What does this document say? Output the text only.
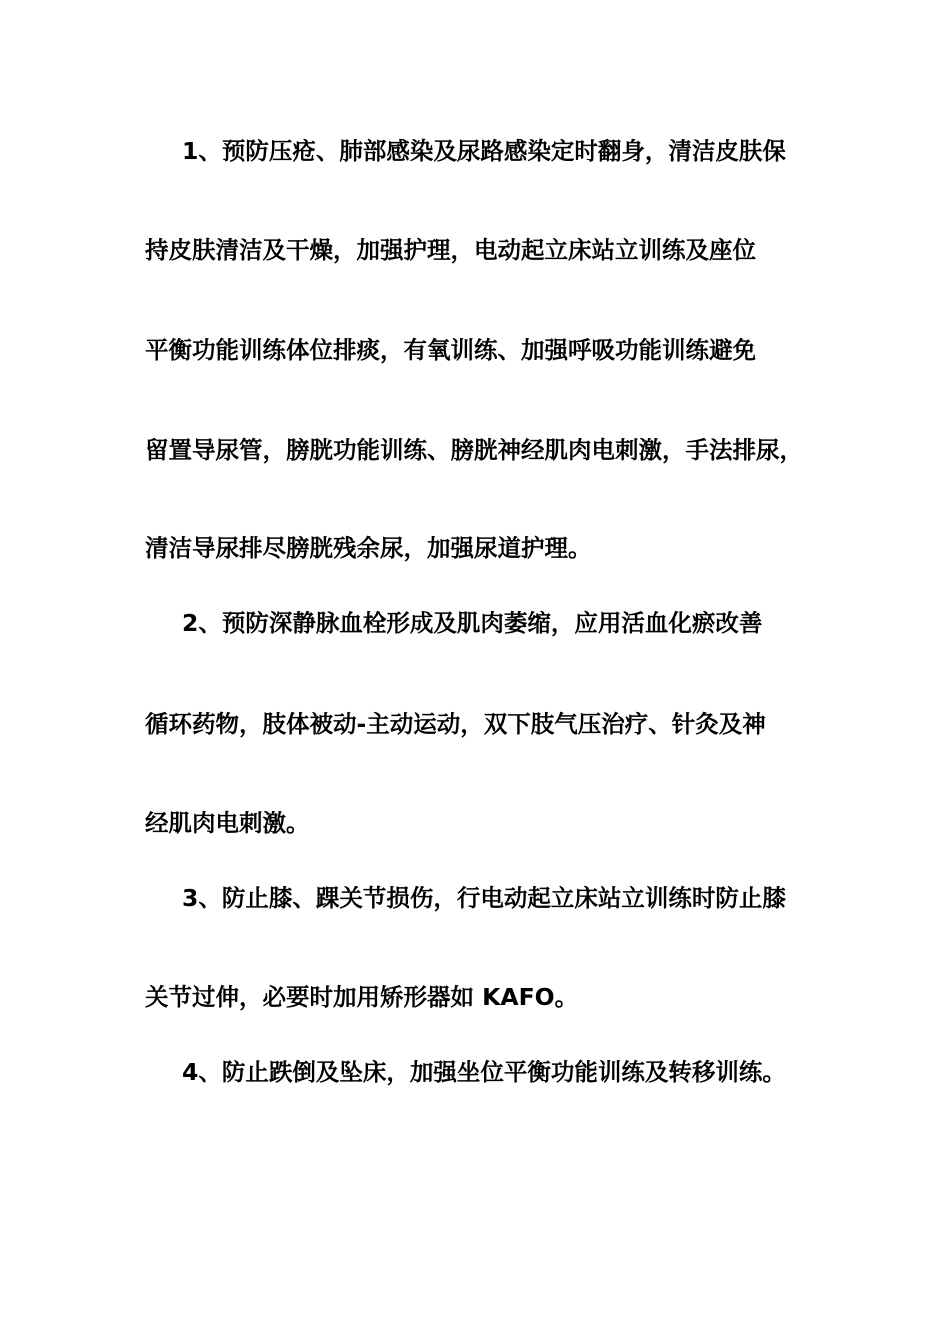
1、预防压疮、肺部感染及尿路感染定时翻身，清洁皮肤保
持皮肤清洁及干燥，加强护理，电动起立床站立训练及座位
平衡功能训练体位排痰，有氧训练、加强呼吸功能训练避免
留置导尿管，膀胱功能训练、膀胱神经肌肉电刺激，手法排尿，
清洁导尿排尽膀胱残余尿，加强尿道护理。
2、预防深静脉血栓形成及肌肉萎缩，应用活血化瘀改善
循环药物，肢体被动-主动运动，双下肢气压治疗、针灸及神
经肌肉电刺激。
3、防止膝、踝关节损伤，行电动起立床站立训练时防止膝
关节过伸，必要时加用矫形器如 KAFO。
4、防止跌倒及坠床，加强坐位平衡功能训练及转移训练。
